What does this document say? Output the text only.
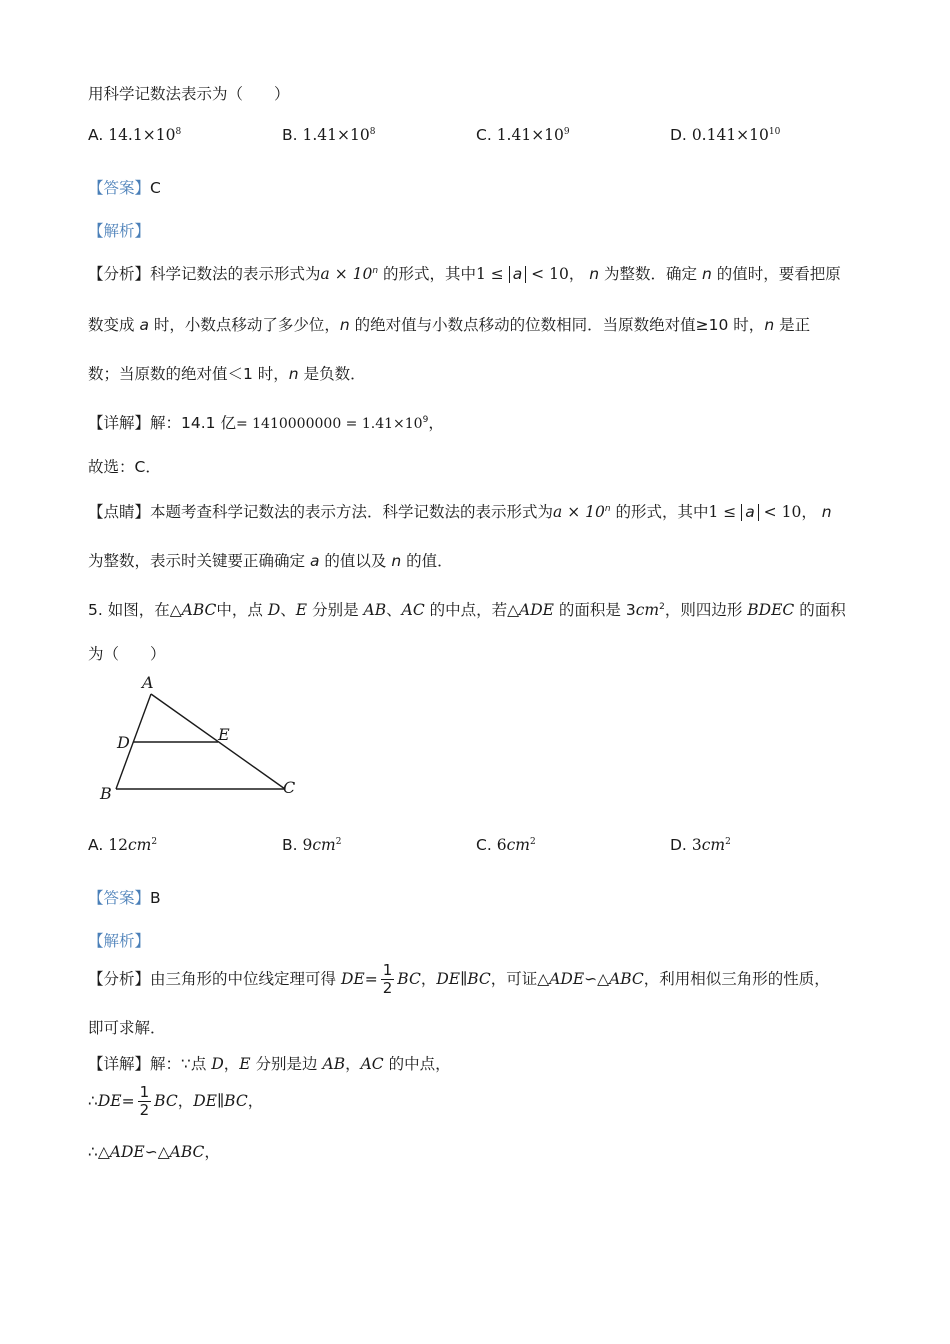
用科学记数法表示为（　　）
A. $14.1\times 10^8$	B. $1.41\times 10^8$	C. $1.41\times 10^9$	D. $0.141\times 10^{10}$
【答案】C
【解析】
【分析】科学记数法的表示形式为$a \times 10^n$ 的形式，其中1 ≤ a < 10， n 为整数．确定 n 的值时，要看把原
数变成 a 时，小数点移动了多少位，n 的绝对值与小数点移动的位数相同．当原数绝对值≥10 时，n 是正
数；当原数的绝对值＜1 时，n 是负数．
【详解】解：14.1 亿= $1410000000 = 1.41\times 10^9$，
故选：C．
【点睛】本题考查科学记数法的表示方法．科学记数法的表示形式为$a \times 10^n$ 的形式，其中1 ≤ a < 10， n
为整数，表示时关键要正确确定 a 的值以及 n 的值．
5. 如图，在△ABC中，点 D、E 分别是 AB、AC 的中点，若△ADE 的面积是 $3cm^2$，则四边形 BDEC 的面积
为（　　）
A
D	E
B	C
A. $12cm^2$	B. $9cm^2$	C. $6cm^2$	D. $3cm^2$
【答案】B
【解析】
【分析】由三角形的中位线定理可得 $DE= \frac{1}{2}$ BC，DE∥BC，可证△ADE∽△ABC，利用相似三角形的性质，
即可求解．
【详解】解：∵点 D，E 分别是边 AB，AC 的中点，
∴DE= $\frac{1}{2}$ BC，DE∥BC，
∴△ADE∽△ABC，
